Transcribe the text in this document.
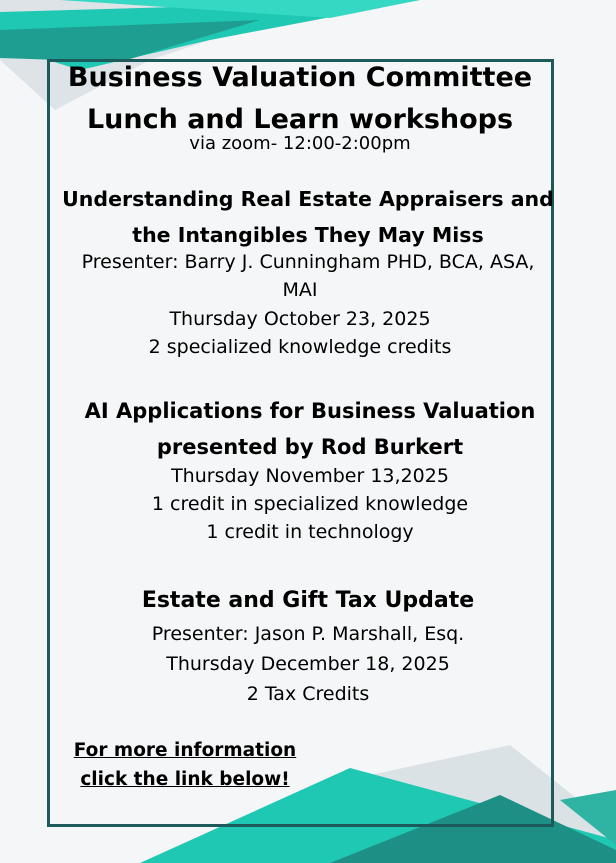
Business Valuation Committee
Lunch and Learn workshops
via zoom- 12:00-2:00pm
Understanding Real Estate Appraisers and
the Intangibles They May Miss
Presenter: Barry J. Cunningham PHD, BCA, ASA,
MAI
Thursday October 23, 2025
2 specialized knowledge credits
AI Applications for Business Valuation
presented by Rod Burkert
Thursday November 13,2025
1 credit in specialized knowledge
1 credit in technology
Estate and Gift Tax Update
Presenter: Jason P. Marshall, Esq.
Thursday December 18, 2025
2 Tax Credits
For more information
click the link below!
